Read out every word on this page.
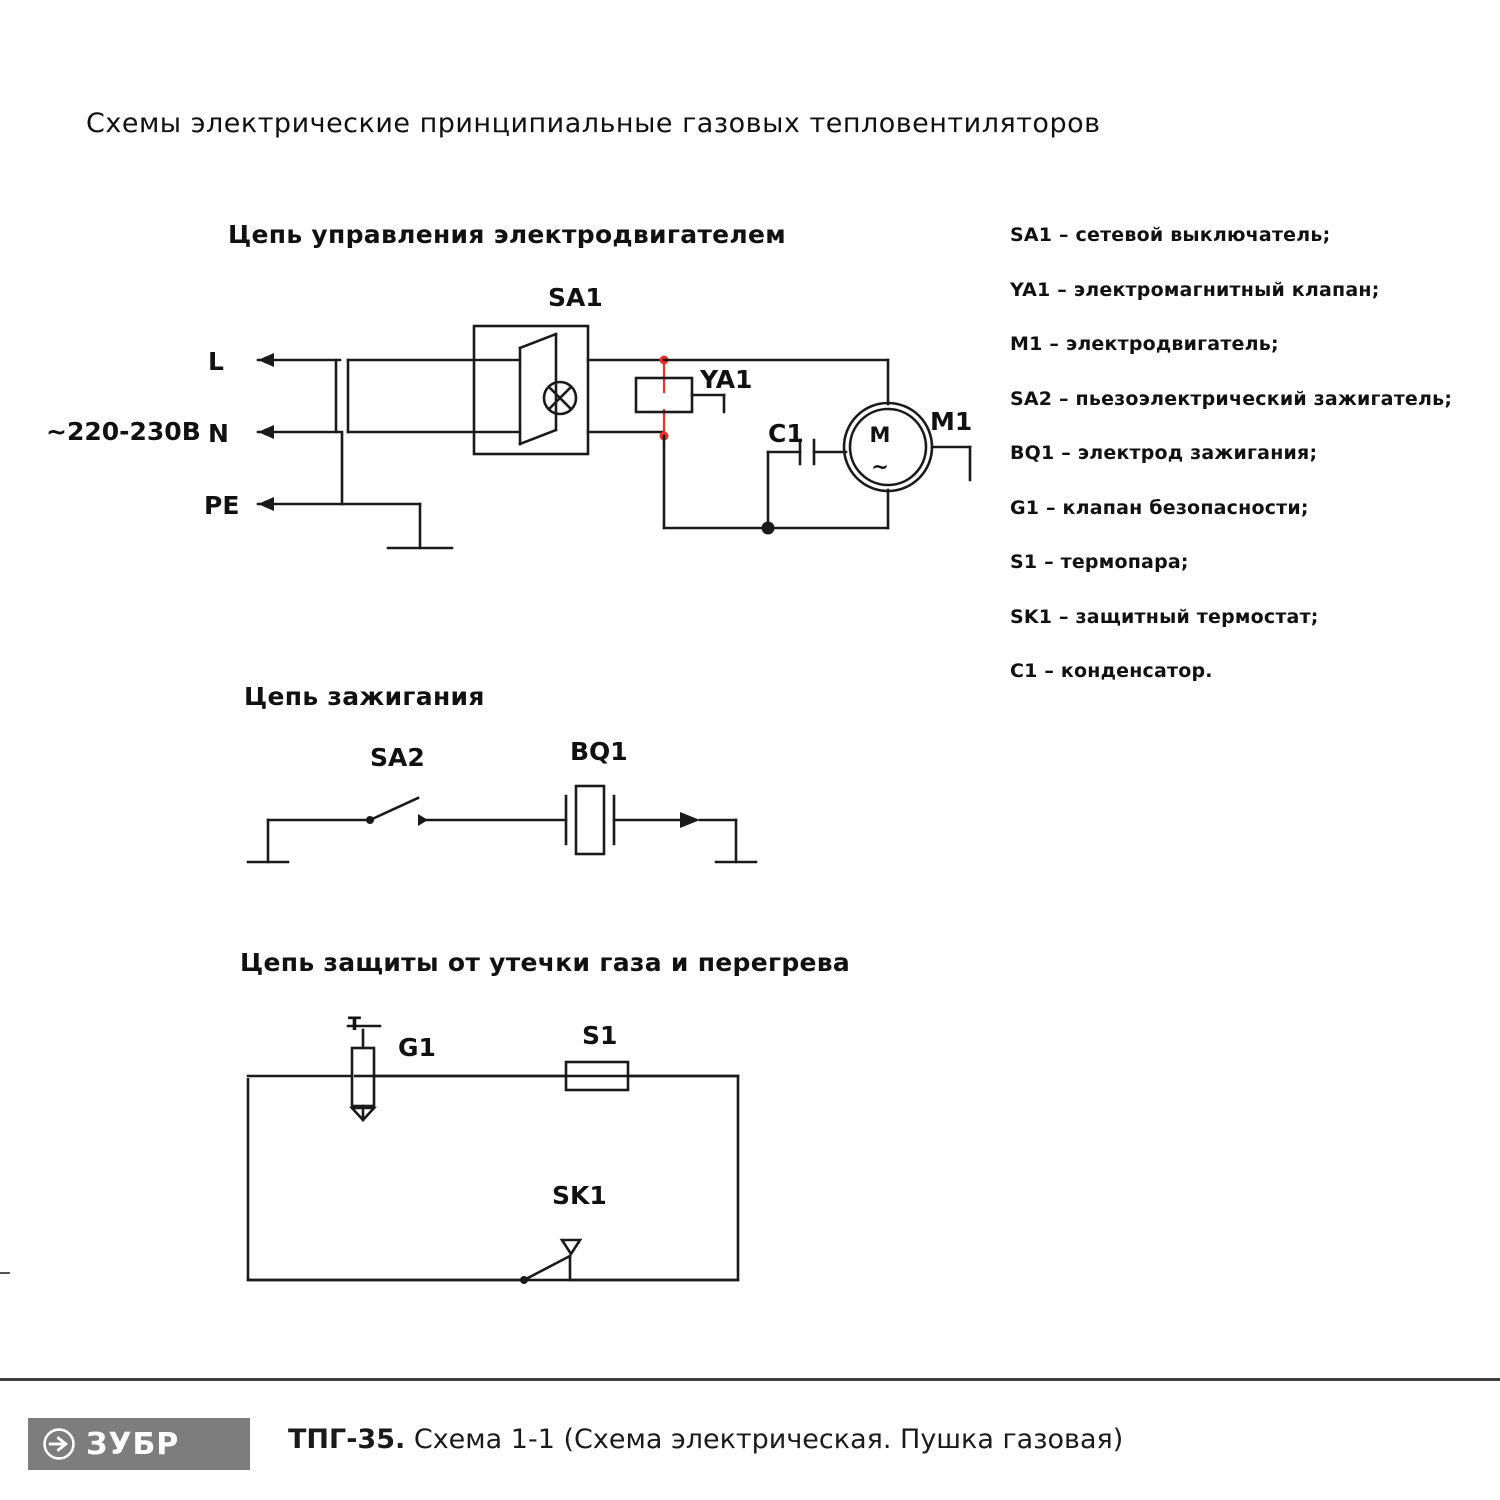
Схемы электрические принципиальные газовых тепловентиляторов
Цепь управления электродвигателем
Цепь зажигания
Цепь защиты от утечки газа и перегрева
SA1 – сетевой выключатель;
YA1 – электромагнитный клапан;
M1 – электродвигатель;
SA2 – пьезоэлектрический зажигатель;
BQ1 – электрод зажигания;
G1 – клапан безопасности;
S1 – термопара;
SK1 – защитный термостат;
C1 – конденсатор.
~220-230В
L
N
PE
SA1
YA1
C1	M1
M
~
SA2	BQ1
G1
T	S1
SK1
ЗУБР	ТПГ-35. Схема 1-1 (Схема электрическая. Пушка газовая)
